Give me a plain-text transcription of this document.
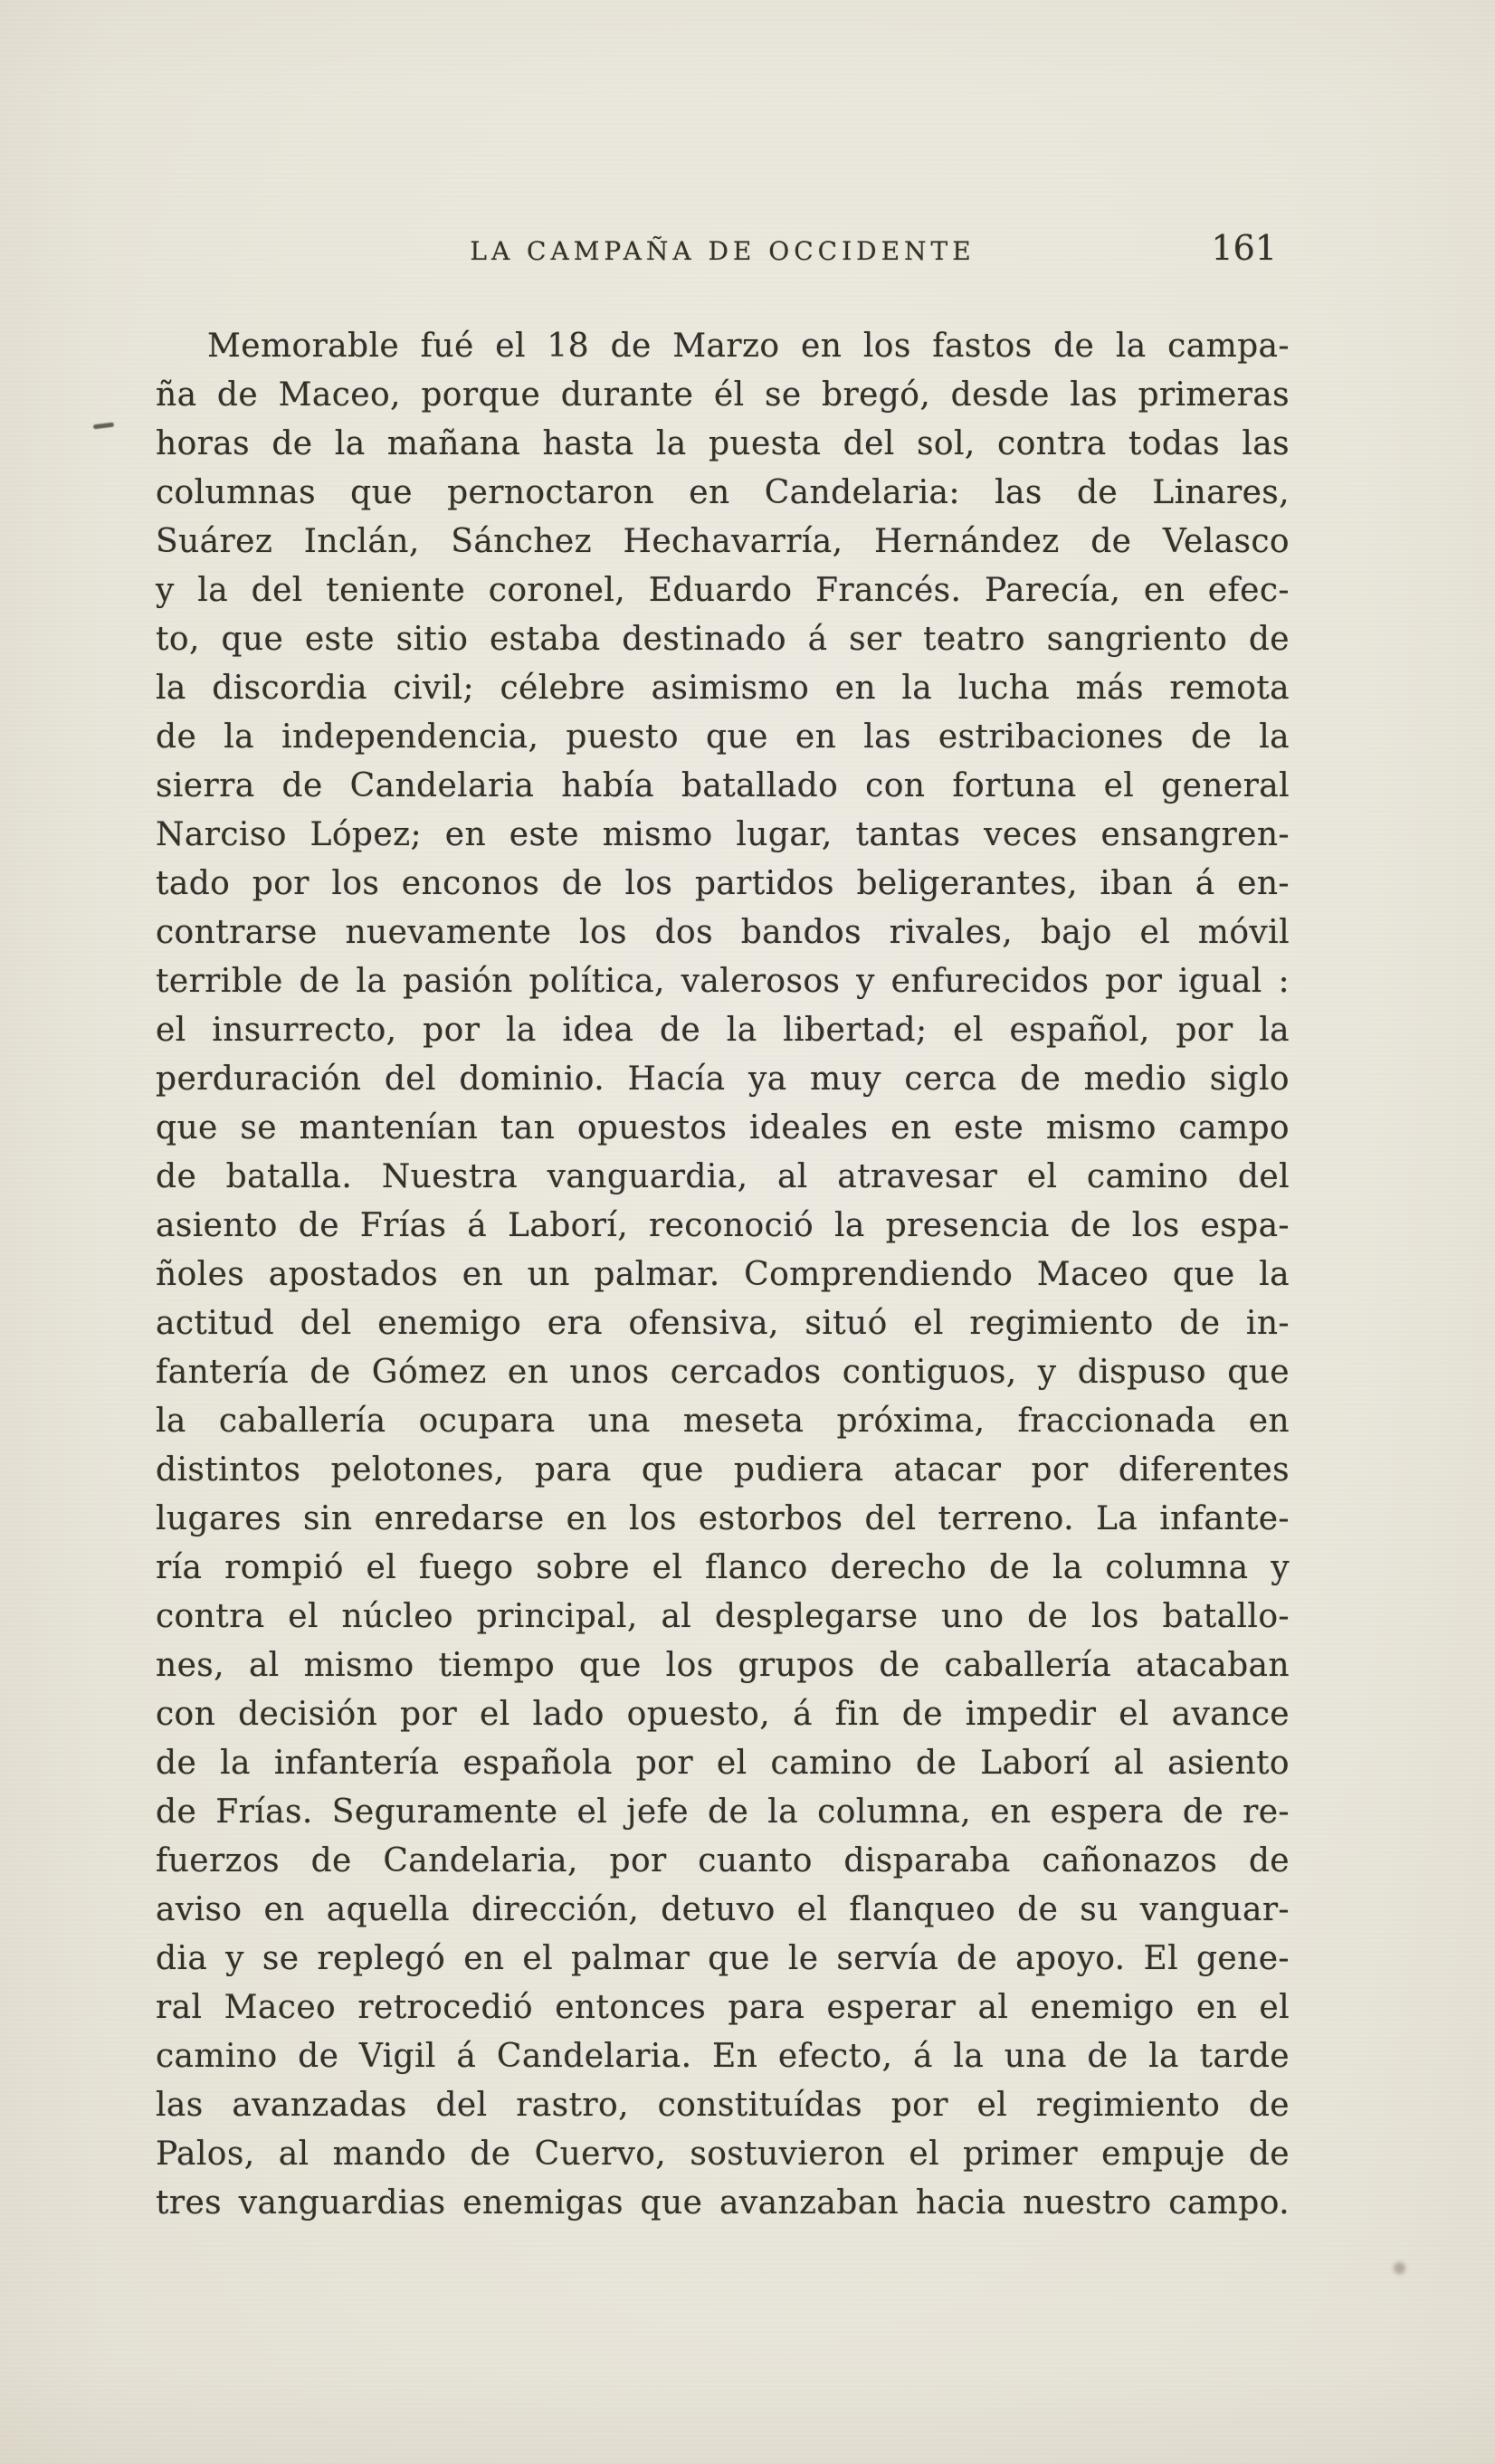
LA CAMPAÑA DE OCCIDENTE	161
Memorable fué el 18 de Marzo en los fastos de la campa-
ña de Maceo, porque durante él se bregó, desde las primeras
horas de la mañana hasta la puesta del sol, contra todas las
columnas que pernoctaron en Candelaria: las de Linares,
Suárez Inclán, Sánchez Hechavarría, Hernández de Velasco
y la del teniente coronel, Eduardo Francés. Parecía, en efec-
to, que este sitio estaba destinado á ser teatro sangriento de
la discordia civil; célebre asimismo en la lucha más remota
de la independencia, puesto que en las estribaciones de la
sierra de Candelaria había batallado con fortuna el general
Narciso López; en este mismo lugar, tantas veces ensangren-
tado por los enconos de los partidos beligerantes, iban á en-
contrarse nuevamente los dos bandos rivales, bajo el móvil
terrible de la pasión política, valerosos y enfurecidos por igual :
el insurrecto, por la idea de la libertad; el español, por la
perduración del dominio. Hacía ya muy cerca de medio siglo
que se mantenían tan opuestos ideales en este mismo campo
de batalla. Nuestra vanguardia, al atravesar el camino del
asiento de Frías á Laborí, reconoció la presencia de los espa-
ñoles apostados en un palmar. Comprendiendo Maceo que la
actitud del enemigo era ofensiva, situó el regimiento de in-
fantería de Gómez en unos cercados contiguos, y dispuso que
la caballería ocupara una meseta próxima, fraccionada en
distintos pelotones, para que pudiera atacar por diferentes
lugares sin enredarse en los estorbos del terreno. La infante-
ría rompió el fuego sobre el flanco derecho de la columna y
contra el núcleo principal, al desplegarse uno de los batallo-
nes, al mismo tiempo que los grupos de caballería atacaban
con decisión por el lado opuesto, á fin de impedir el avance
de la infantería española por el camino de Laborí al asiento
de Frías. Seguramente el jefe de la columna, en espera de re-
fuerzos de Candelaria, por cuanto disparaba cañonazos de
aviso en aquella dirección, detuvo el flanqueo de su vanguar-
dia y se replegó en el palmar que le servía de apoyo. El gene-
ral Maceo retrocedió entonces para esperar al enemigo en el
camino de Vigil á Candelaria. En efecto, á la una de la tarde
las avanzadas del rastro, constituídas por el regimiento de
Palos, al mando de Cuervo, sostuvieron el primer empuje de
tres vanguardias enemigas que avanzaban hacia nuestro campo.
